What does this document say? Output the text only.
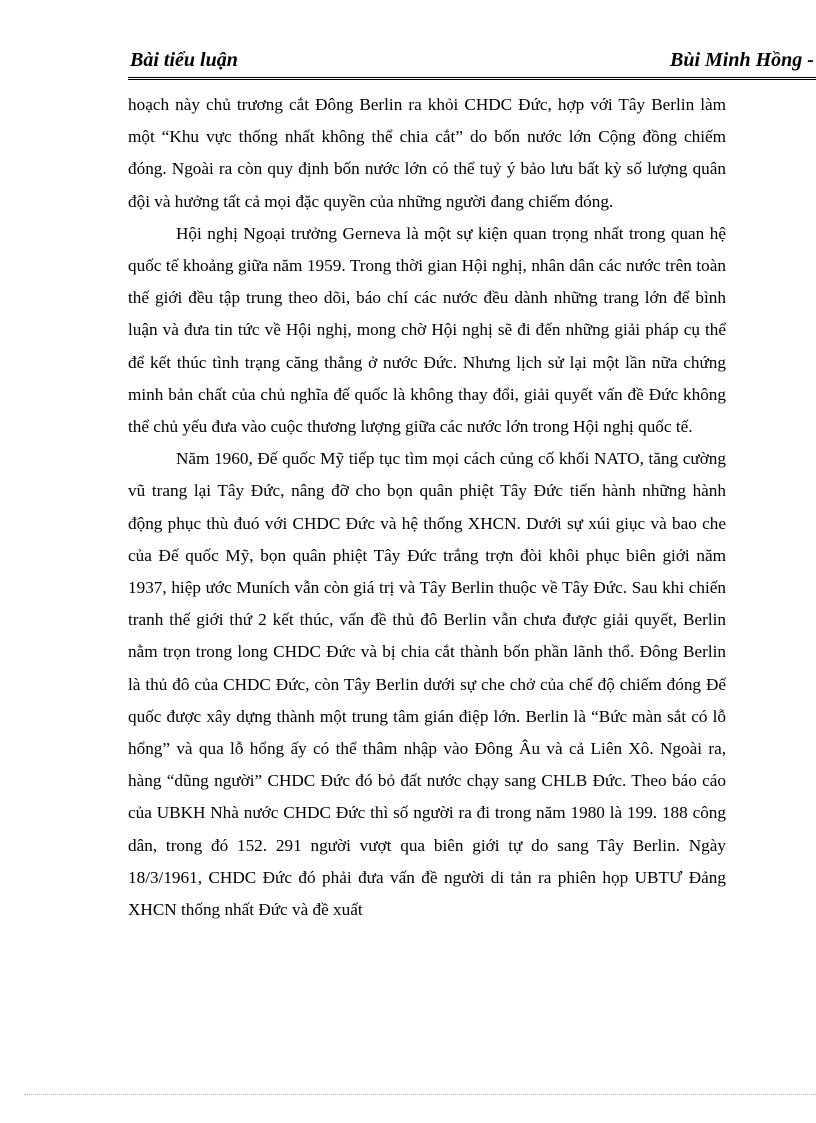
Bài tiểu luận	Bùi Minh Hồng -

hoạch này chủ trương cắt Đông Berlin ra khỏi CHDC Đức, hợp với Tây Berlin làm một “Khu vực thống nhất không thể chia cắt” do bốn nước lớn Cộng đồng chiếm đóng. Ngoài ra còn quy định bốn nước lớn có thể tuỷ ý bảo lưu bất kỳ số lượng quân đội và hưởng tất cả mọi đặc quyền của những người đang chiếm đóng.

Hội nghị Ngoại trưởng Gerneva là một sự kiện quan trọng nhất trong quan hệ quốc tế khoảng giữa năm 1959. Trong thời gian Hội nghị, nhân dân các nước trên toàn thế giới đều tập trung theo dõi, báo chí các nước đều dành những trang lớn để bình luận và đưa tin tức về Hội nghị, mong chờ Hội nghị sẽ đi đến những giải pháp cụ thể để kết thúc tình trạng căng thẳng ở nước Đức. Nhưng lịch sử lại một lần nữa chứng minh bản chất của chủ nghĩa đế quốc là không thay đổi, giải quyết vấn đề Đức không thể chủ yếu đưa vào cuộc thương lượng giữa các nước lớn trong Hội nghị quốc tế.

Năm 1960, Đế quốc Mỹ tiếp tục tìm mọi cách củng cố khối NATO, tăng cường vũ trang lại Tây Đức, nâng đỡ cho bọn quân phiệt Tây Đức tiến hành những hành động phục thù đuó với CHDC Đức và hệ thống XHCN. Dưới sự xúi giục và bao che của Đế quốc Mỹ, bọn quân phiệt Tây Đức trắng trợn đòi khôi phục biên giới năm 1937, hiệp ước Muních vẫn còn giá trị và Tây Berlin thuộc về Tây Đức. Sau khi chiến tranh thế giới thứ 2 kết thúc, vấn đề thủ đô Berlin vẫn chưa được giải quyết, Berlin nằm trọn trong long CHDC Đức và bị chia cắt thành bốn phần lãnh thổ. Đông Berlin là thủ đô của CHDC Đức, còn Tây Berlin dưới sự che chở của chế độ chiếm đóng Đế quốc được xây dựng thành một trung tâm gián điệp lớn. Berlin là “Bức màn sắt có lỗ hổng” và qua lỗ hổng ấy có thể thâm nhập vào Đông Âu và cả Liên Xô. Ngoài ra, hàng “dũng người” CHDC Đức đó bỏ đất nước chạy sang CHLB Đức. Theo báo cáo của UBKH Nhà nước CHDC Đức thì số người ra đi trong năm 1980 là 199. 188 công dân, trong đó 152. 291 người vượt qua biên giới tự do sang Tây Berlin. Ngày 18/3/1961, CHDC Đức đó phải đưa vấn đề người di tản ra phiên họp UBTƯ Đảng XHCN thống nhất Đức và đề xuất
